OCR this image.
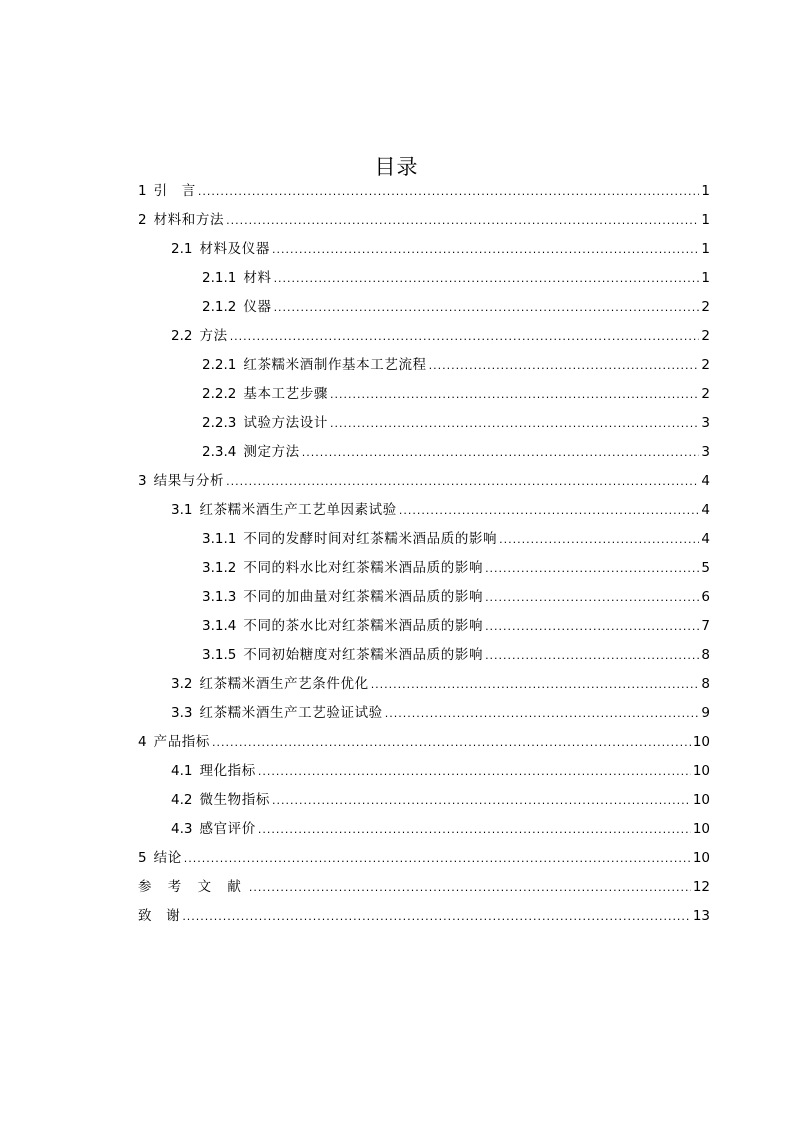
目录
1 引　言 .....	1
2 材料和方法 .....	1
2.1 材料及仪器 .....	1
2.1.1 材料 .....	1
2.1.2 仪器 .....	2
2.2 方法 .....	2
2.2.1 红茶糯米酒制作基本工艺流程 .....	2
2.2.2 基本工艺步骤 .....	2
2.2.3 试验方法设计 .....	3
2.3.4 测定方法 .....	3
3 结果与分析 .....	4
3.1 红茶糯米酒生产工艺单因素试验 .....	4
3.1.1 不同的发酵时间对红茶糯米酒品质的影响 .....	4
3.1.2 不同的料水比对红茶糯米酒品质的影响 .....	5
3.1.3 不同的加曲量对红茶糯米酒品质的影响 .....	6
3.1.4 不同的茶水比对红茶糯米酒品质的影响 .....	7
3.1.5 不同初始糖度对红茶糯米酒品质的影响 .....	8
3.2 红茶糯米酒生产艺条件优化 .....	8
3.3 红茶糯米酒生产工艺验证试验 .....	9
4 产品指标 .....	10
4.1 理化指标 .....	10
4.2 微生物指标 .....	10
4.3 感官评价 .....	10
5 结论 .....	10
参 考 文 献 .....	12
致　谢 .....	13
